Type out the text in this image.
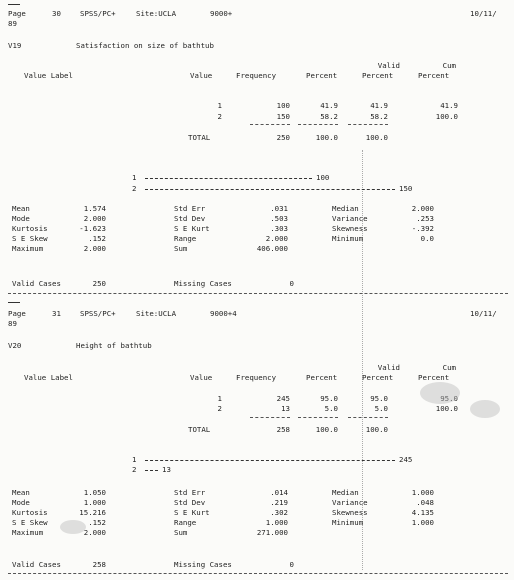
Page	30	SPSS/PC+	Site:UCLA	9000+	10/11/
89
V19	Satisfaction on size of bathtub
Valid	Cum
Value Label	Value	Frequency	Percent	Percent	Percent
1	100	41.9	41.9	41.9
2	150	58.2	58.2	100.0
TOTAL	250	100.0	100.0
1	100
2	150
Mean	1.574	Std Err	.031	Median	2.000
Mode	2.000	Std Dev	.503	Variance	.253
Kurtosis	-1.623	S E Kurt	.303	Skewness	-.392
S E Skew	.152	Range	2.000	Minimum	0.0
Maximum	2.000	Sum	406.000
Valid Cases	250	Missing Cases	0
Page	31	SPSS/PC+	Site:UCLA	9000+4	10/11/
89
V20	Height of bathtub
Valid	Cum
Value Label	Value	Frequency	Percent	Percent	Percent
1	245	95.0	95.0	95.0
2	13	5.0	5.0	100.0
TOTAL	258	100.0	100.0
1	245
2	13
Mean	1.050	Std Err	.014	Median	1.000
Mode	1.000	Std Dev	.219	Variance	.048
Kurtosis	15.216	S E Kurt	.302	Skewness	4.135
S E Skew	.152	Range	1.000	Minimum	1.000
Maximum	2.000	Sum	271.000
Valid Cases	258	Missing Cases	0
